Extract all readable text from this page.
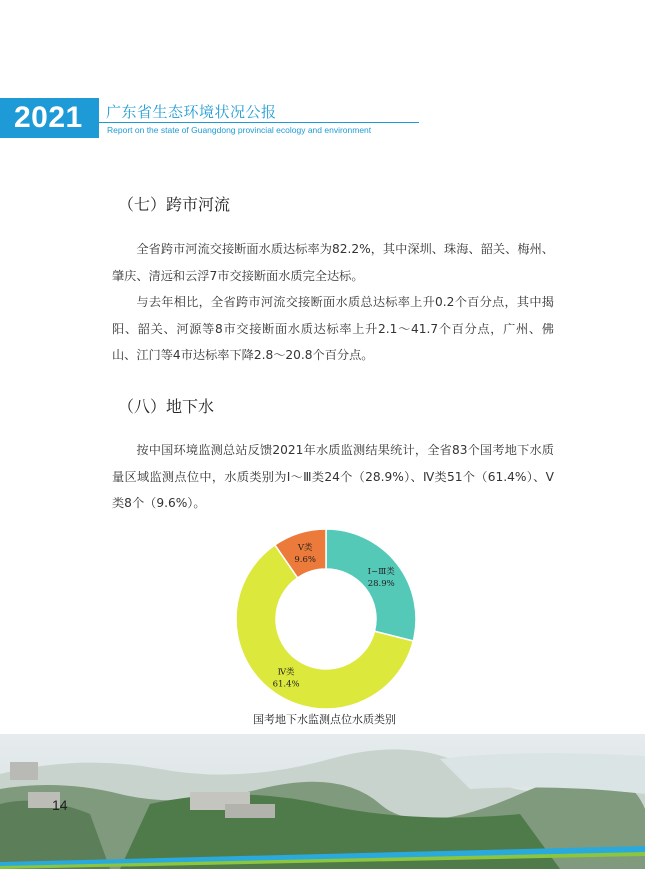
2021	广东省生态环境状况公报
Report on the state of Guangdong provincial ecology and environment
（七）跨市河流

全省跨市河流交接断面水质达标率为82.2%，其中深圳、珠海、韶关、梅州、肇庆、清远和云浮7市交接断面水质完全达标。

与去年相比，全省跨市河流交接断面水质总达标率上升0.2个百分点，其中揭阳、韶关、河源等8市交接断面水质达标率上升2.1～41.7个百分点，广州、佛山、江门等4市达标率下降2.8～20.8个百分点。

（八）地下水

按中国环境监测总站反馈2021年水质监测结果统计，全省83个国考地下水质量区域监测点位中，水质类别为Ⅰ～Ⅲ类24个（28.9%）、Ⅳ类51个（61.4%）、Ⅴ类8个（9.6%）。

Ⅰ~Ⅲ类
28.9%
Ⅳ类
61.4%
Ⅴ类
9.6%
国考地下水监测点位水质类别
14
